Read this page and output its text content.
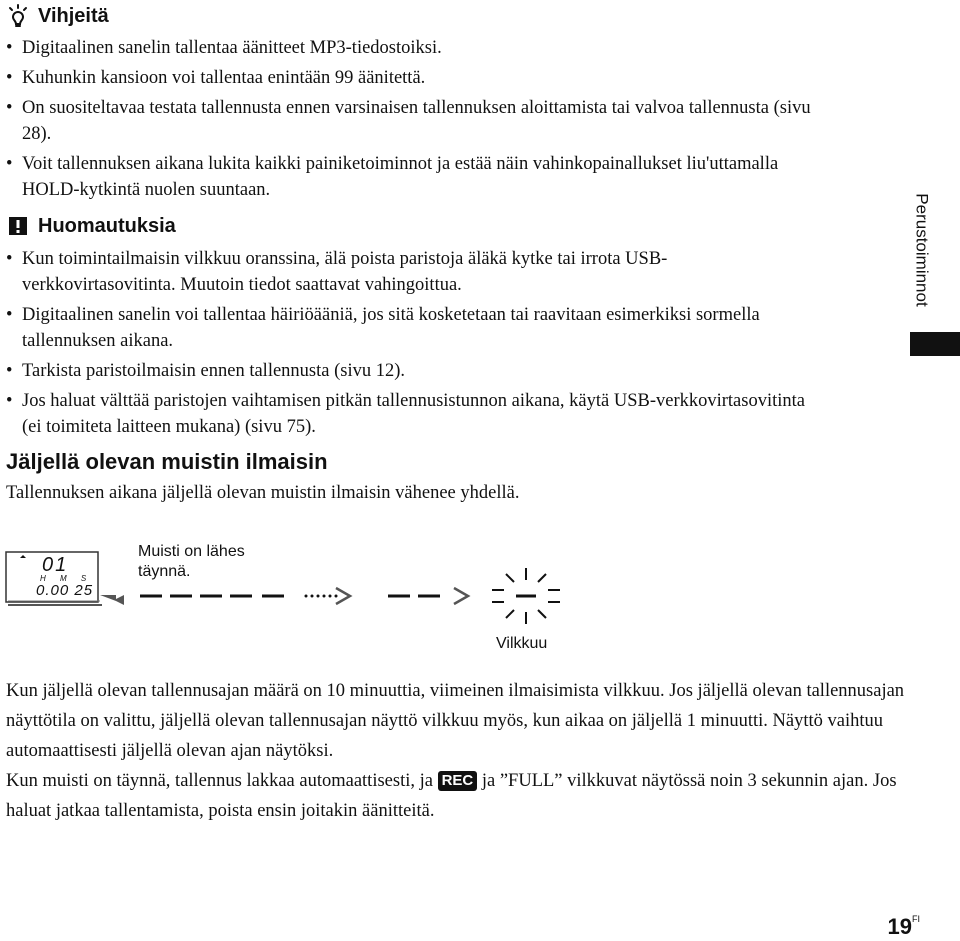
Vihjeitä
• Digitaalinen sanelin tallentaa äänitteet MP3-tiedostoiksi.
• Kuhunkin kansioon voi tallentaa enintään 99 äänitettä.
• On suositeltavaa testata tallennusta ennen varsinaisen tallennuksen aloittamista tai valvoa tallennusta (sivu 28).
• Voit tallennuksen aikana lukita kaikki painiketoiminnot ja estää näin vahinkopainallukset liu'uttamalla HOLD-kytkintä nuolen suuntaan.
Huomautuksia
• Kun toimintailmaisin vilkkuu oranssina, älä poista paristoja äläkä kytke tai irrota USB-verkkovirtasovitinta. Muutoin tiedot saattavat vahingoittua.
• Digitaalinen sanelin voi tallentaa häiriöääniä, jos sitä kosketetaan tai raavitaan esimerkiksi sormella tallennuksen aikana.
• Tarkista paristoilmaisin ennen tallennusta (sivu 12).
• Jos haluat välttää paristojen vaihtamisen pitkän tallennusistunnon aikana, käytä USB-verkkovirtasovitinta (ei toimiteta laitteen mukana) (sivu 75).
Jäljellä olevan muistin ilmaisin
Tallennuksen aikana jäljellä olevan muistin ilmaisin vähenee yhdellä.
01
H M S
0.00 25
Muisti on lähes täynnä.
Vilkkuu

Kun jäljellä olevan tallennusajan määrä on 10 minuuttia, viimeinen ilmaisimista vilkkuu. Jos jäljellä olevan tallennusajan näyttötila on valittu, jäljellä olevan tallennusajan näyttö vilkkuu myös, kun aikaa on jäljellä 1 minuutti. Näyttö vaihtuu automaattisesti jäljellä olevan ajan näytöksi.

Kun muisti on täynnä, tallennus lakkaa automaattisesti, ja REC ja ”FULL” vilkkuvat näytössä noin 3 sekunnin ajan. Jos haluat jatkaa tallentamista, poista ensin joitakin äänitteitä.

Perustoiminnot
$19^{FI}$
